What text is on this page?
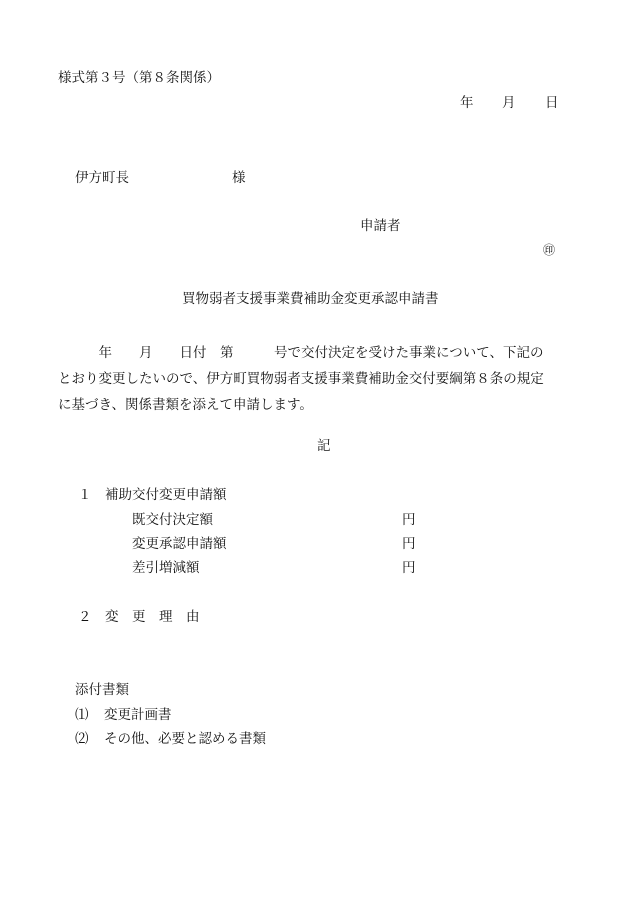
様式第３号（第８条関係）
年 月 日
伊方町長	様
申請者
㊞
買物弱者支援事業費補助金変更承認申請書
　　　年　　月　　日付　第　　　号で交付決定を受けた事業について、下記の
とおり変更したいので、伊方町買物弱者支援事業費補助金交付要綱第８条の規定
に基づき、関係書類を添えて申請します。
記
１　補助交付変更申請額
既交付決定額	円
変更承認申請額	円
差引増減額	円
２　変　更　理　由
添付書類
⑴ 変更計画書
⑵ その他、必要と認める書類
